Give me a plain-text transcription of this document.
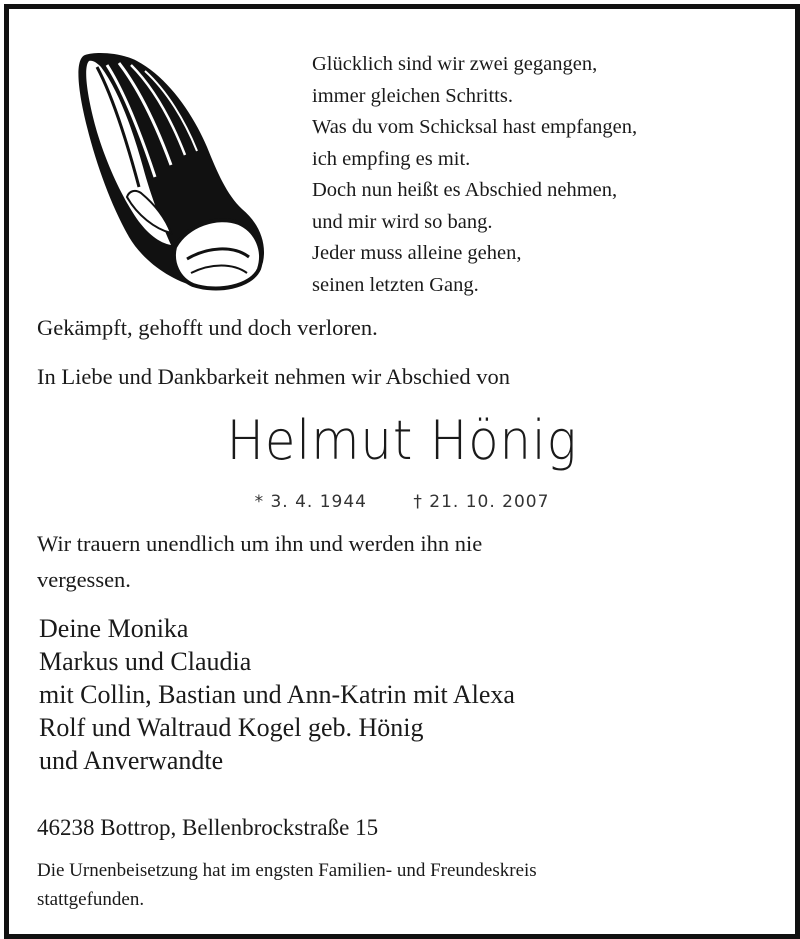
Glücklich sind wir zwei gegangen,
immer gleichen Schritts.
Was du vom Schicksal hast empfangen,
ich empfing es mit.
Doch nun heißt es Abschied nehmen,
und mir wird so bang.
Jeder muss alleine gehen,
seinen letzten Gang.
Gekämpft, gehofft und doch verloren.
In Liebe und Dankbarkeit nehmen wir Abschied von
Helmut Hönig
* 3. 4. 1944	† 21. 10. 2007
Wir trauern unendlich um ihn und werden ihn nie
vergessen.
Deine Monika
Markus und Claudia
mit Collin, Bastian und Ann-Katrin mit Alexa
Rolf und Waltraud Kogel geb. Hönig
und Anverwandte
46238 Bottrop, Bellenbrockstraße 15
Die Urnenbeisetzung hat im engsten Familien- und Freundeskreis
stattgefunden.
